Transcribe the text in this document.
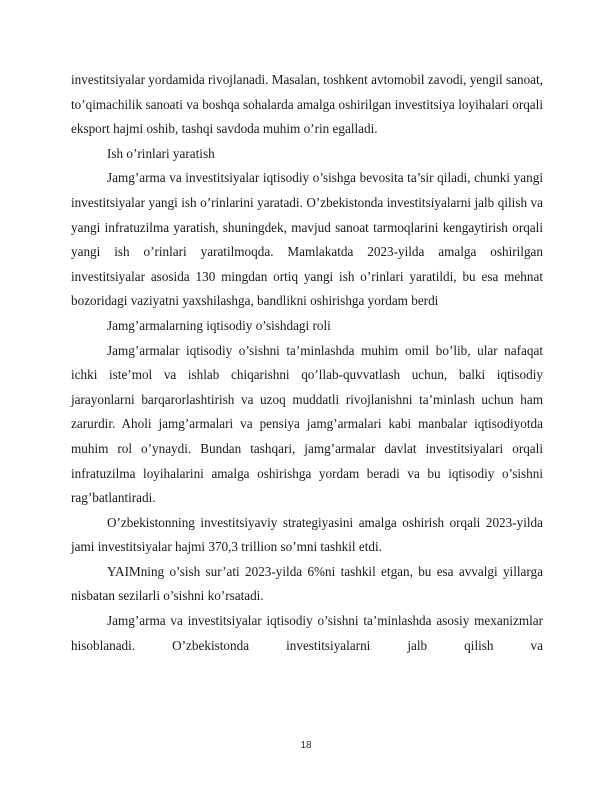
investitsiyalar yordamida rivojlanadi. Masalan, toshkent avtomobil zavodi, yengil sanoat, to’qimachilik sanoati va boshqa sohalarda amalga oshirilgan investitsiya loyihalari orqali eksport hajmi oshib, tashqi savdoda muhim o’rin egalladi.

Ish o’rinlari yaratish

Jamg’arma va investitsiyalar iqtisodiy o’sishga bevosita ta’sir qiladi, chunki yangi investitsiyalar yangi ish o’rinlarini yaratadi. O’zbekistonda investitsiyalarni jalb qilish va yangi infratuzilma yaratish, shuningdek, mavjud sanoat tarmoqlarini kengaytirish orqali yangi ish o’rinlari yaratilmoqda. Mamlakatda 2023-yilda amalga oshirilgan investitsiyalar asosida 130 mingdan ortiq yangi ish o’rinlari yaratildi, bu esa mehnat bozoridagi vaziyatni yaxshilashga, bandlikni oshirishga yordam berdi

Jamg’armalarning iqtisodiy o’sishdagi roli

Jamg’armalar iqtisodiy o’sishni ta’minlashda muhim omil bo’lib, ular nafaqat ichki iste’mol va ishlab chiqarishni qo’llab-quvvatlash uchun, balki iqtisodiy jarayonlarni barqarorlashtirish va uzoq muddatli rivojlanishni ta’minlash uchun ham zarurdir. Aholi jamg’armalari va pensiya jamg’armalari kabi manbalar iqtisodiyotda muhim rol o’ynaydi. Bundan tashqari, jamg’armalar davlat investitsiyalari orqali infratuzilma loyihalarini amalga oshirishga yordam beradi va bu iqtisodiy o’sishni rag’batlantiradi.

O’zbekistonning investitsiyaviy strategiyasini amalga oshirish orqali 2023-yilda jami investitsiyalar hajmi 370,3 trillion so’mni tashkil etdi.

YAIMning o’sish sur’ati 2023-yilda 6%ni tashkil etgan, bu esa avvalgi yillarga nisbatan sezilarli o’sishni ko’rsatadi.

Jamg’arma va investitsiyalar iqtisodiy o’sishni ta’minlashda asosiy mexanizmlar hisoblanadi. O’zbekistonda investitsiyalarni jalb qilish va

18
